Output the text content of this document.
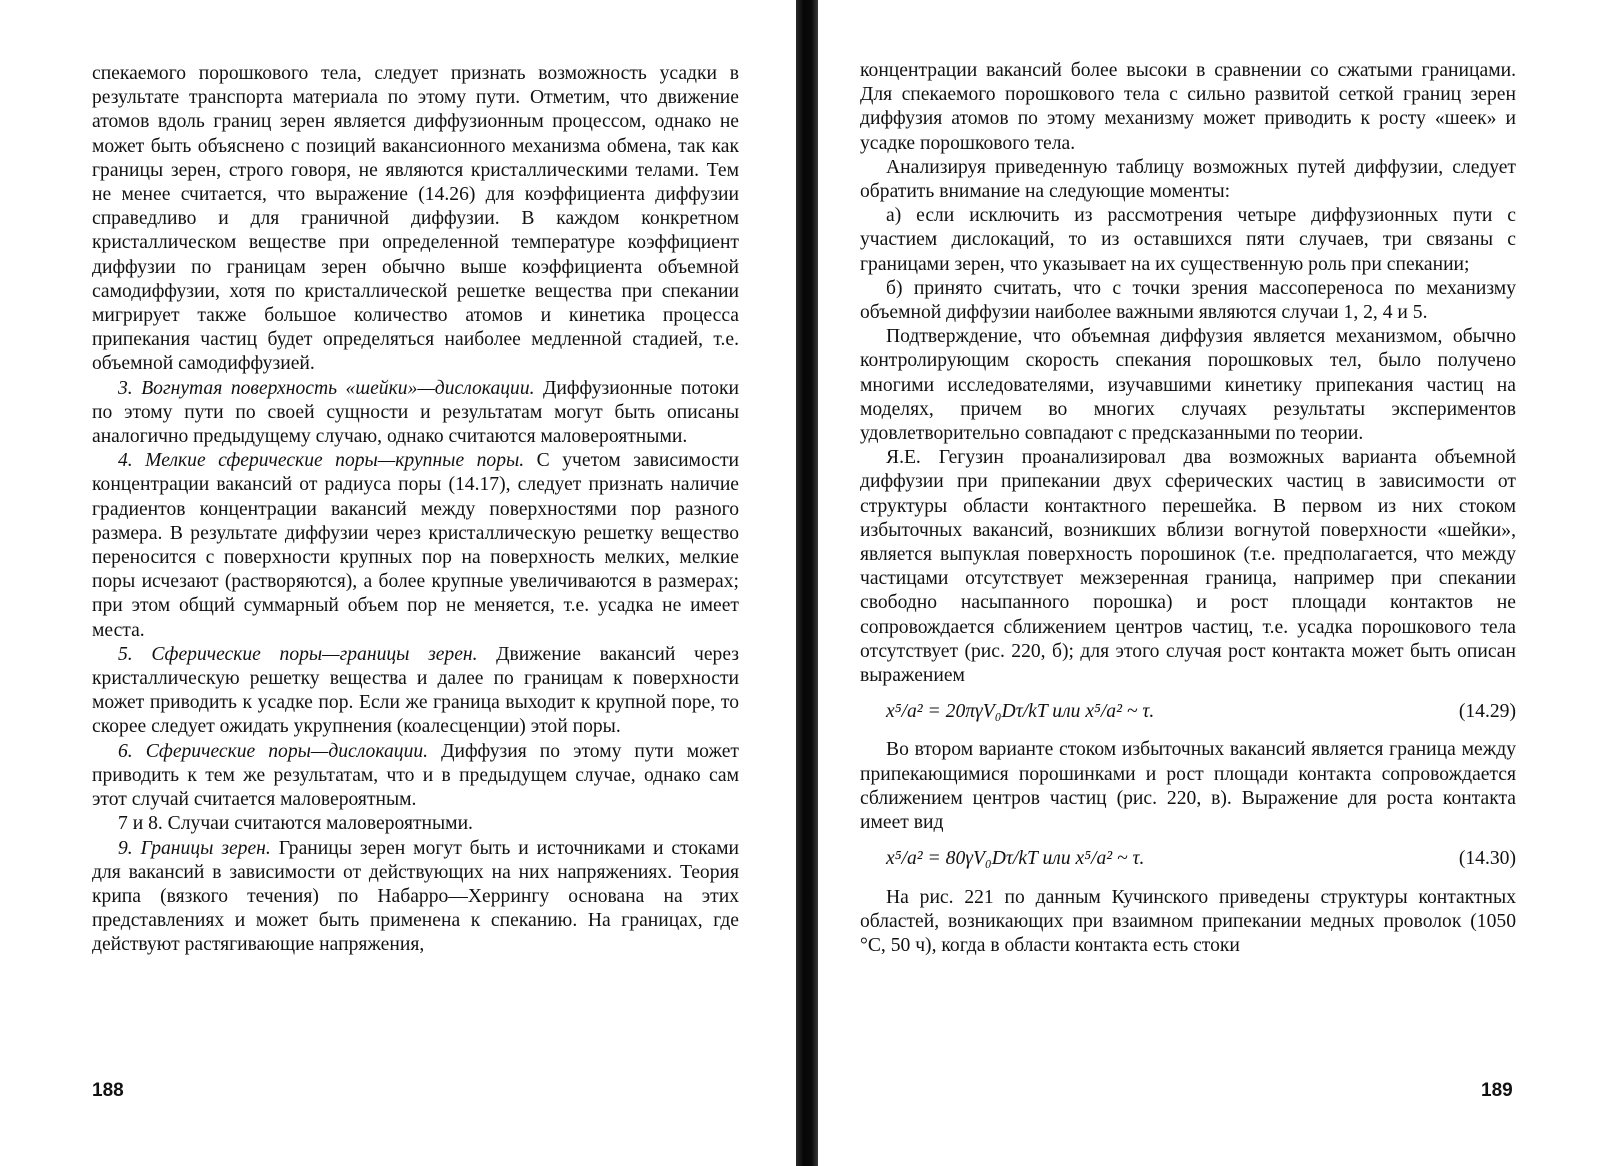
спекаемого порошкового тела, следует признать возможность усадки в результате транспорта материала по этому пути. Отметим, что движение атомов вдоль границ зерен является диффузионным процессом, однако не может быть объяснено с позиций вакансионного механизма обмена, так как границы зерен, строго говоря, не являются кристаллическими телами. Тем не менее считается, что выражение (14.26) для коэффициента диффузии справедливо и для граничной диффузии. В каждом конкретном кристаллическом веществе при определенной температуре коэффициент диффузии по границам зерен обычно выше коэффициента объемной самодиффузии, хотя по кристаллической решетке вещества при спекании мигрирует также большое количество атомов и кинетика процесса припекания частиц будет определяться наиболее медленной стадией, т.е. объемной самодиффузией.

3. Вогнутая поверхность «шейки»—дислокации. Диффузионные потоки по этому пути по своей сущности и результатам могут быть описаны аналогично предыдущему случаю, однако считаются маловероятными.

4. Мелкие сферические поры—крупные поры. С учетом зависимости концентрации вакансий от радиуса поры (14.17), следует признать наличие градиентов концентрации вакансий между поверхностями пор разного размера. В результате диффузии через кристаллическую решетку вещество переносится с поверхности крупных пор на поверхность мелких, мелкие поры исчезают (растворяются), а более крупные увеличиваются в размерах; при этом общий суммарный объем пор не меняется, т.е. усадка не имеет места.

5. Сферические поры—границы зерен. Движение вакансий через кристаллическую решетку вещества и далее по границам к поверхности может приводить к усадке пор. Если же граница выходит к крупной поре, то скорее следует ожидать укрупнения (коалесценции) этой поры.

6. Сферические поры—дислокации. Диффузия по этому пути может приводить к тем же результатам, что и в предыдущем случае, однако сам этот случай считается маловероятным.

7 и 8. Случаи считаются маловероятными.

9. Границы зерен. Границы зерен могут быть и источниками и стоками для вакансий в зависимости от действующих на них напряжениях. Теория крипа (вязкого течения) по Набарро—Херрингу основана на этих представлениях и может быть применена к спеканию. На границах, где действуют растягивающие напряжения,

188

концентрации вакансий более высоки в сравнении со сжатыми границами. Для спекаемого порошкового тела с сильно развитой сеткой границ зерен диффузия атомов по этому механизму может приводить к росту «шеек» и усадке порошкового тела.

Анализируя приведенную таблицу возможных путей диффузии, следует обратить внимание на следующие моменты:

а) если исключить из рассмотрения четыре диффузионных пути с участием дислокаций, то из оставшихся пяти случаев, три связаны с границами зерен, что указывает на их существенную роль при спекании;

б) принято считать, что с точки зрения массопереноса по механизму объемной диффузии наиболее важными являются случаи 1, 2, 4 и 5.

Подтверждение, что объемная диффузия является механизмом, обычно контролирующим скорость спекания порошковых тел, было получено многими исследователями, изучавшими кинетику припекания частиц на моделях, причем во многих случаях результаты экспериментов удовлетворительно совпадают с предсказанными по теории.

Я.Е. Гегузин проанализировал два возможных варианта объемной диффузии при припекании двух сферических частиц в зависимости от структуры области контактного перешейка. В первом из них стоком избыточных вакансий, возникших вблизи вогнутой поверхности «шейки», является выпуклая поверхность порошинок (т.е. предполагается, что между частицами отсутствует межзеренная граница, например при спекании свободно насыпанного порошка) и рост площади контактов не сопровождается сближением центров частиц, т.е. усадка порошкового тела отсутствует (рис. 220, б); для этого случая рост контакта может быть описан выражением

x⁵/a² = 20πγV₀Dτ/kT или x⁵/a² ~ τ.	(14.29)

Во втором варианте стоком избыточных вакансий является граница между припекающимися порошинками и рост площади контакта сопровождается сближением центров частиц (рис. 220, в). Выражение для роста контакта имеет вид

x⁵/a² = 80γV₀Dτ/kT или x⁵/a² ~ τ.	(14.30)

На рис. 221 по данным Кучинского приведены структуры контактных областей, возникающих при взаимном припекании медных проволок (1050 °С, 50 ч), когда в области контакта есть стоки

189
